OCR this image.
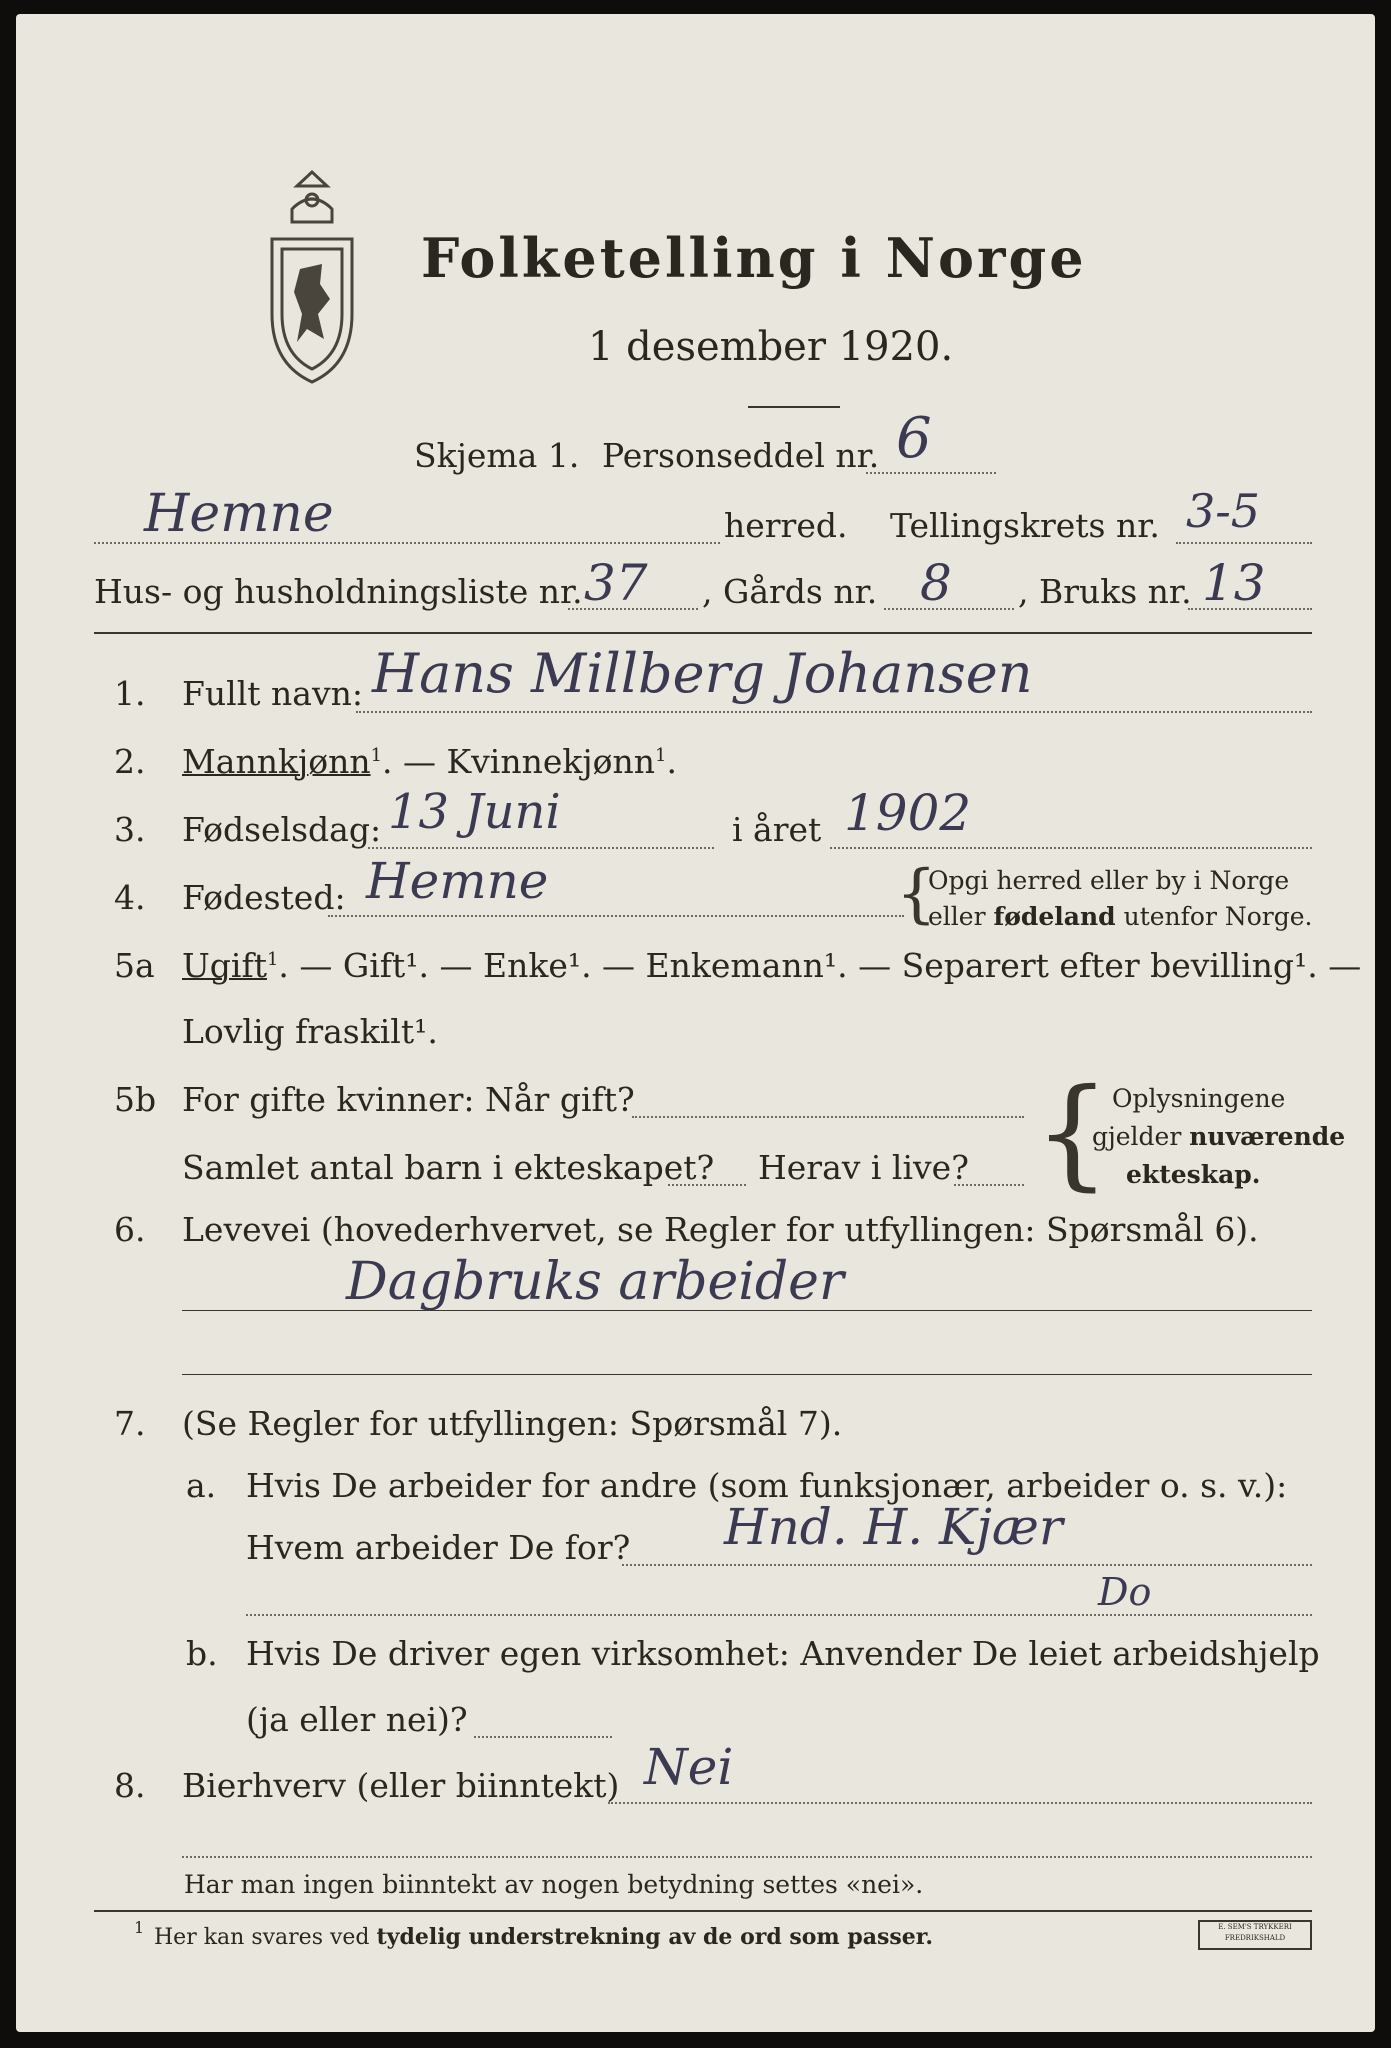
Folketelling i Norge
1 desember 1920.
Skjema 1. Personseddel nr. 6
Hemne	herred. Tellingskrets nr. 3-5
Hus- og husholdningsliste nr. 37 , Gårds nr. 8 , Bruks nr. 13
1. Fullt navn: Hans Millberg Johansen
2. Mannkjønn$^1$. — Kvinnekjønn$^1$.
3. Fødselsdag: 13 Juni	i året 1902
4. Fødested: Hemne	{
Opgi herred eller by i Norge
eller fødeland utenfor Norge.
5a Ugift$^1$. — Gift¹. — Enke¹. — Enkemann¹. — Separert efter bevilling¹. —
Lovlig fraskilt¹.
5b For gifte kvinner: Når gift?
Samlet antal barn i ekteskapet? Herav i live? { Oplysningene
gjelder nuværende
ekteskap.
6. Levevei (hovederhvervet, se Regler for utfyllingen: Spørsmål 6).
Dagbruks arbeider
7. (Se Regler for utfyllingen: Spørsmål 7).
a. Hvis De arbeider for andre (som funksjonær, arbeider o. s. v.):
Hvem arbeider De for? Hnd. H. Kjær
Do
b. Hvis De driver egen virksomhet: Anvender De leiet arbeidshjelp
(ja eller nei)?
8. Bierhverv (eller biinntekt) Nei
Har man ingen biinntekt av nogen betydning settes «nei».
1 Her kan svares ved tydelig understrekning av de ord som passer.	E. SEM'S TRYKKERI FREDRIKSHALD
